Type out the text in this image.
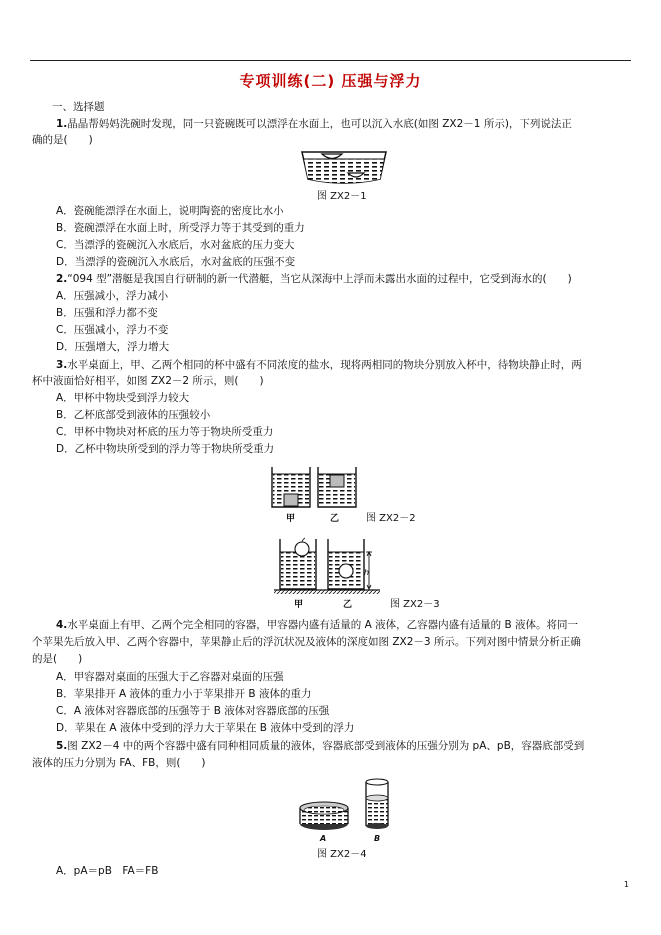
专项训练(二) 压强与浮力
一、选择题
1.晶晶帮妈妈洗碗时发现，同一只瓷碗既可以漂浮在水面上，也可以沉入水底(如图 ZX2－1 所示)，下列说法正
确的是(　　)
图 ZX2－1
A．瓷碗能漂浮在水面上，说明陶瓷的密度比水小
B．瓷碗漂浮在水面上时，所受浮力等于其受到的重力
C．当漂浮的瓷碗沉入水底后，水对盆底的压力变大
D．当漂浮的瓷碗沉入水底后，水对盆底的压强不变
2.“094 型”潜艇是我国自行研制的新一代潜艇，当它从深海中上浮而未露出水面的过程中，它受到海水的(　　)
A．压强减小，浮力减小
B．压强和浮力都不变
C．压强减小，浮力不变
D．压强增大，浮力增大
3.水平桌面上，甲、乙两个相同的杯中盛有不同浓度的盐水，现将两相同的物块分别放入杯中，待物块静止时，两
杯中液面恰好相平，如图 ZX2－2 所示，则(　　)
A．甲杯中物块受到浮力较大
B．乙杯底部受到液体的压强较小
C．甲杯中物块对杯底的压力等于物块所受重力
D．乙杯中物块所受到的浮力等于物块所受重力
甲	乙	图 ZX2－2
h
甲	乙	图 ZX2－3
4.水平桌面上有甲、乙两个完全相同的容器，甲容器内盛有适量的 A 液体，乙容器内盛有适量的 B 液体。将同一
个苹果先后放入甲、乙两个容器中，苹果静止后的浮沉状况及液体的深度如图 ZX2－3 所示。下列对图中情景分析正确
的是(　　)
A．甲容器对桌面的压强大于乙容器对桌面的压强
B．苹果排开 A 液体的重力小于苹果排开 B 液体的重力
C．A 液体对容器底部的压强等于 B 液体对容器底部的压强
D．苹果在 A 液体中受到的浮力大于苹果在 B 液体中受到的浮力
5.图 ZX2－4 中的两个容器中盛有同种相同质量的液体，容器底部受到液体的压强分别为 pA、pB，容器底部受到
液体的压力分别为 FA、FB，则(　　)
A	B
图 ZX2－4
A．pA＝pB　FA＝FB
1
